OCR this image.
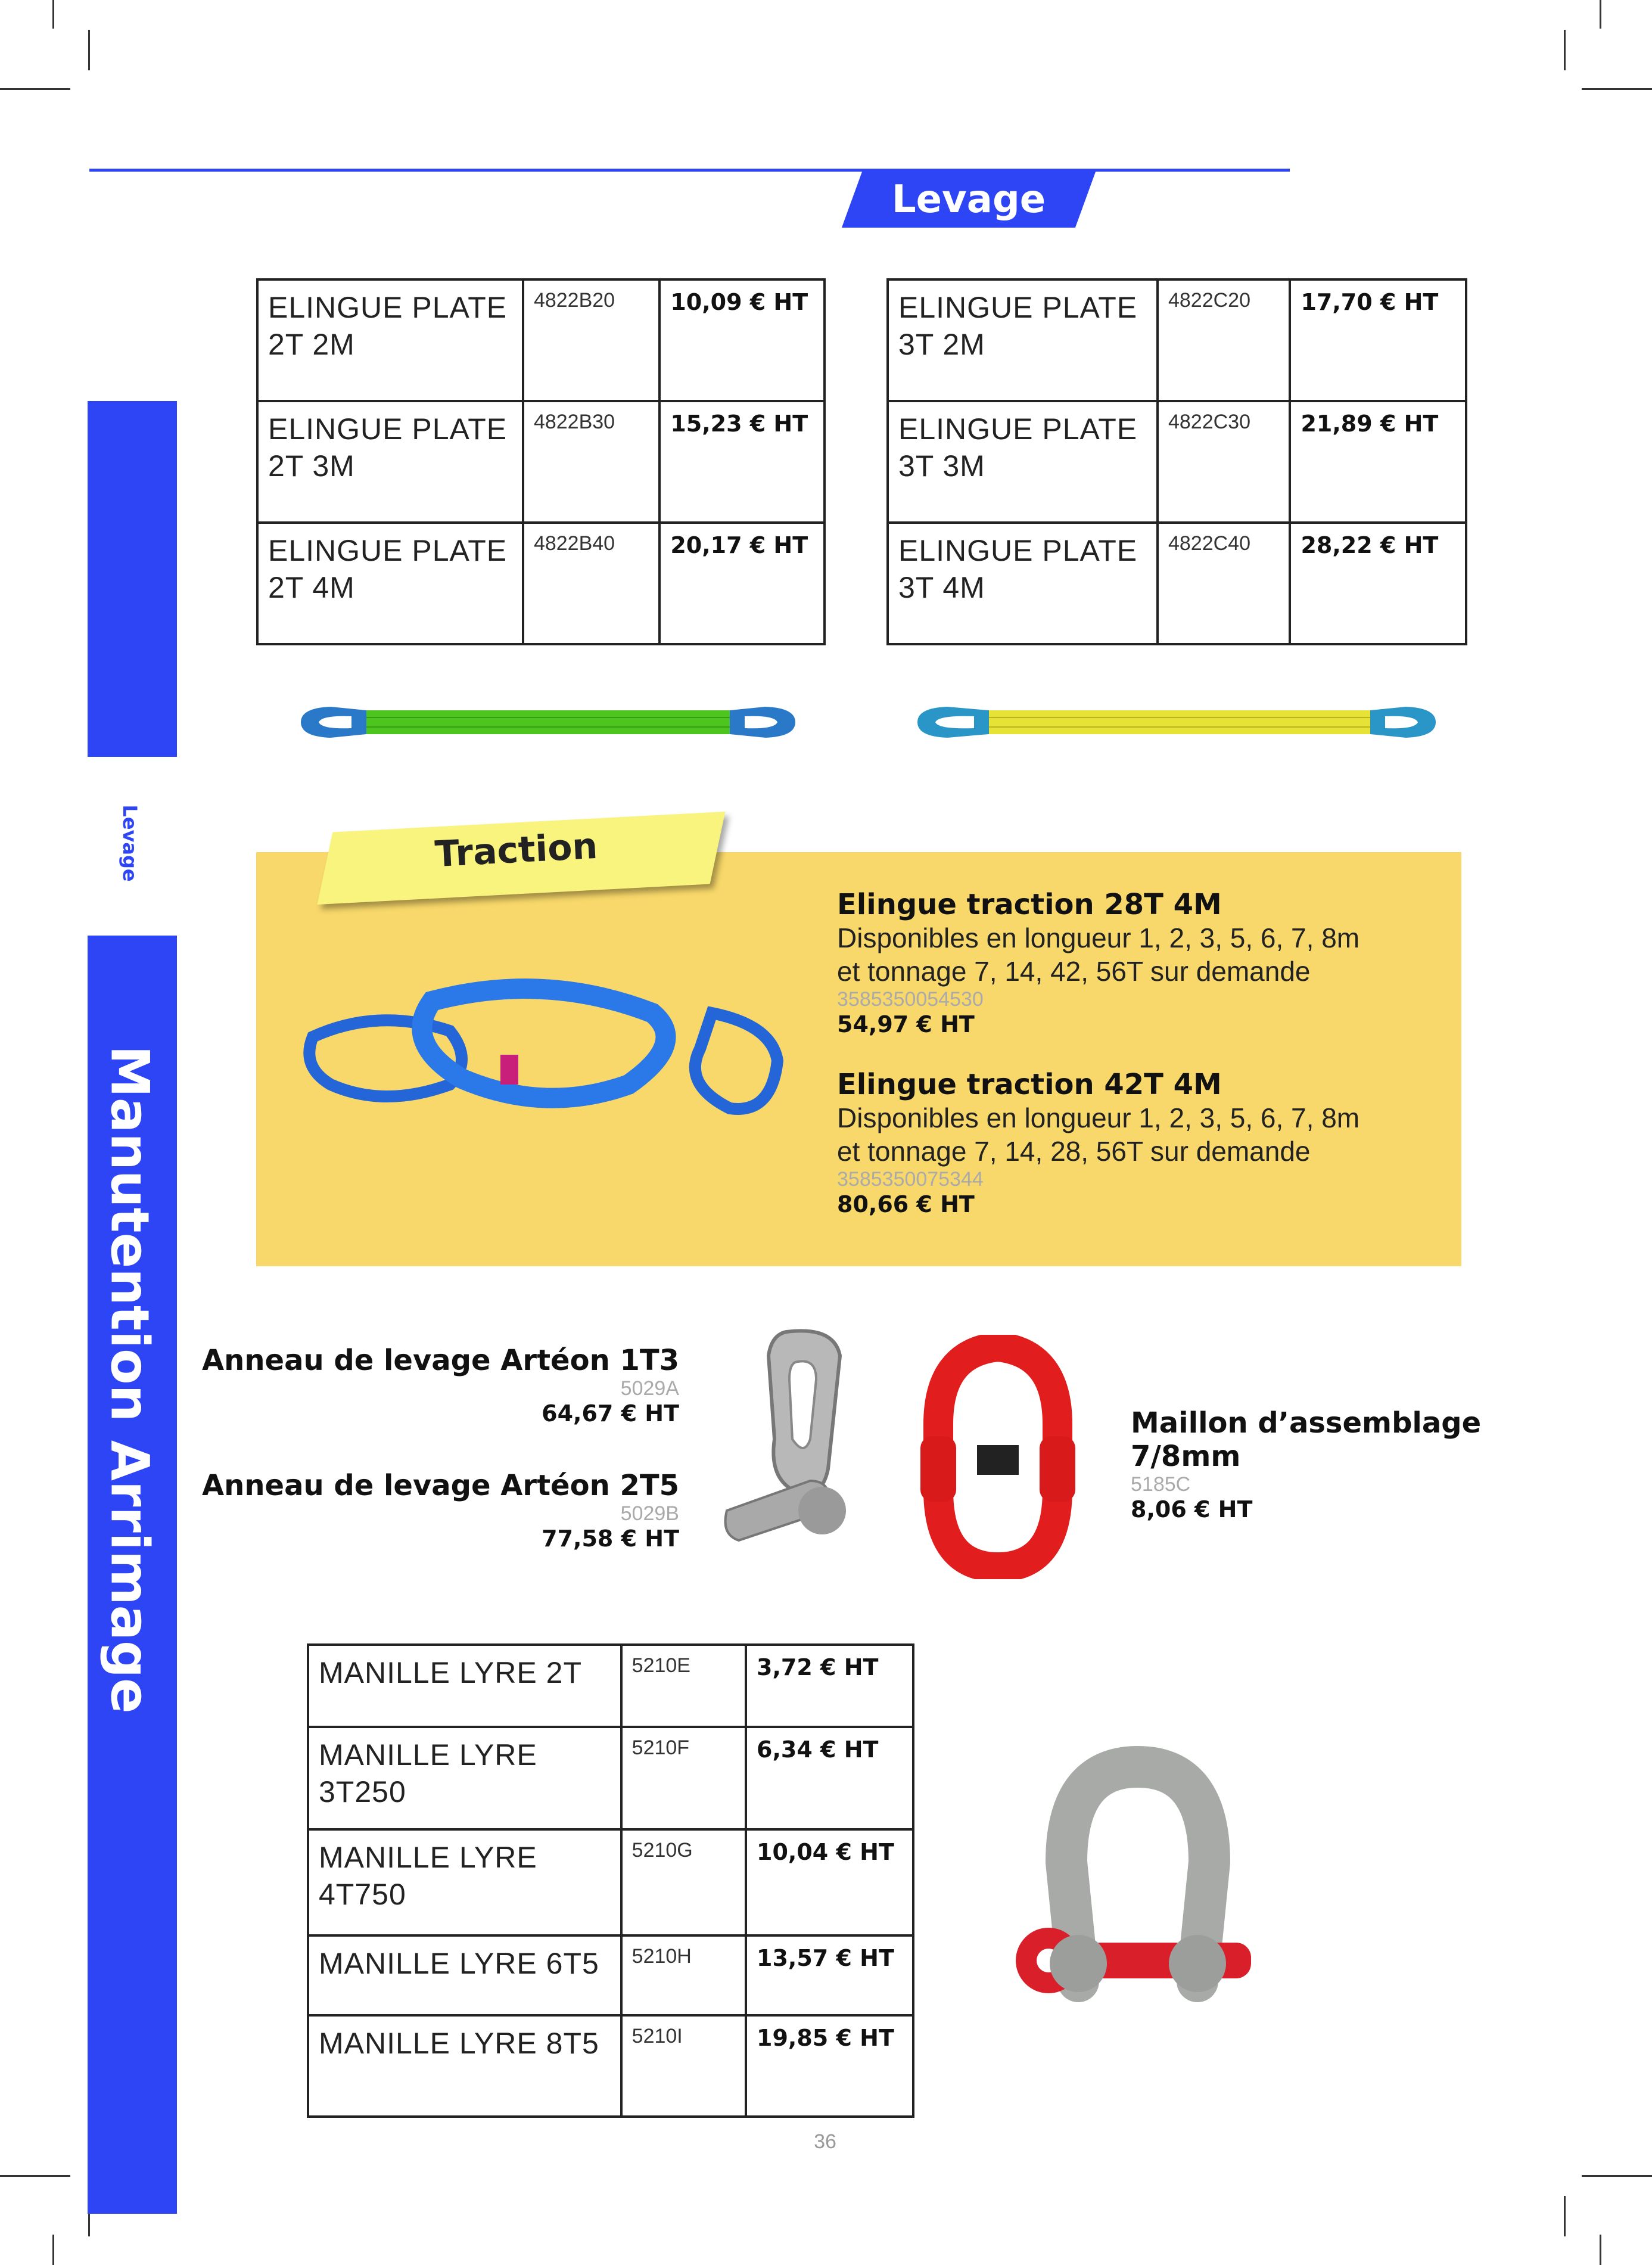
Levage
Levage
Manutention Arrimage
ELINGUE PLATE 2T 2M	4822B20	10,09 € HT
ELINGUE PLATE 2T 3M	4822B30	15,23 € HT
ELINGUE PLATE 2T 4M	4822B40	20,17 € HT
ELINGUE PLATE 3T 2M	4822C20	17,70 € HT
ELINGUE PLATE 3T 3M	4822C30	21,89 € HT
ELINGUE PLATE 3T 4M	4822C40	28,22 € HT
Traction
Elingue traction 28T 4M
Disponibles en longueur 1, 2, 3, 5, 6, 7, 8m
et tonnage 7, 14, 42, 56T sur demande
3585350054530
54,97 € HT
Elingue traction 42T 4M
Disponibles en longueur 1, 2, 3, 5, 6, 7, 8m
et tonnage 7, 14, 28, 56T sur demande
3585350075344
80,66 € HT
Anneau de levage Artéon 1T3
5029A
64,67 € HT
Anneau de levage Artéon 2T5
5029B
77,58 € HT
Maillon d’assemblage
7/8mm
5185C
8,06 € HT
MANILLE LYRE 2T	5210E	3,72 € HT
MANILLE LYRE 3T250	5210F	6,34 € HT
MANILLE LYRE 4T750	5210G	10,04 € HT
MANILLE LYRE 6T5	5210H	13,57 € HT
MANILLE LYRE 8T5	5210I	19,85 € HT
36
